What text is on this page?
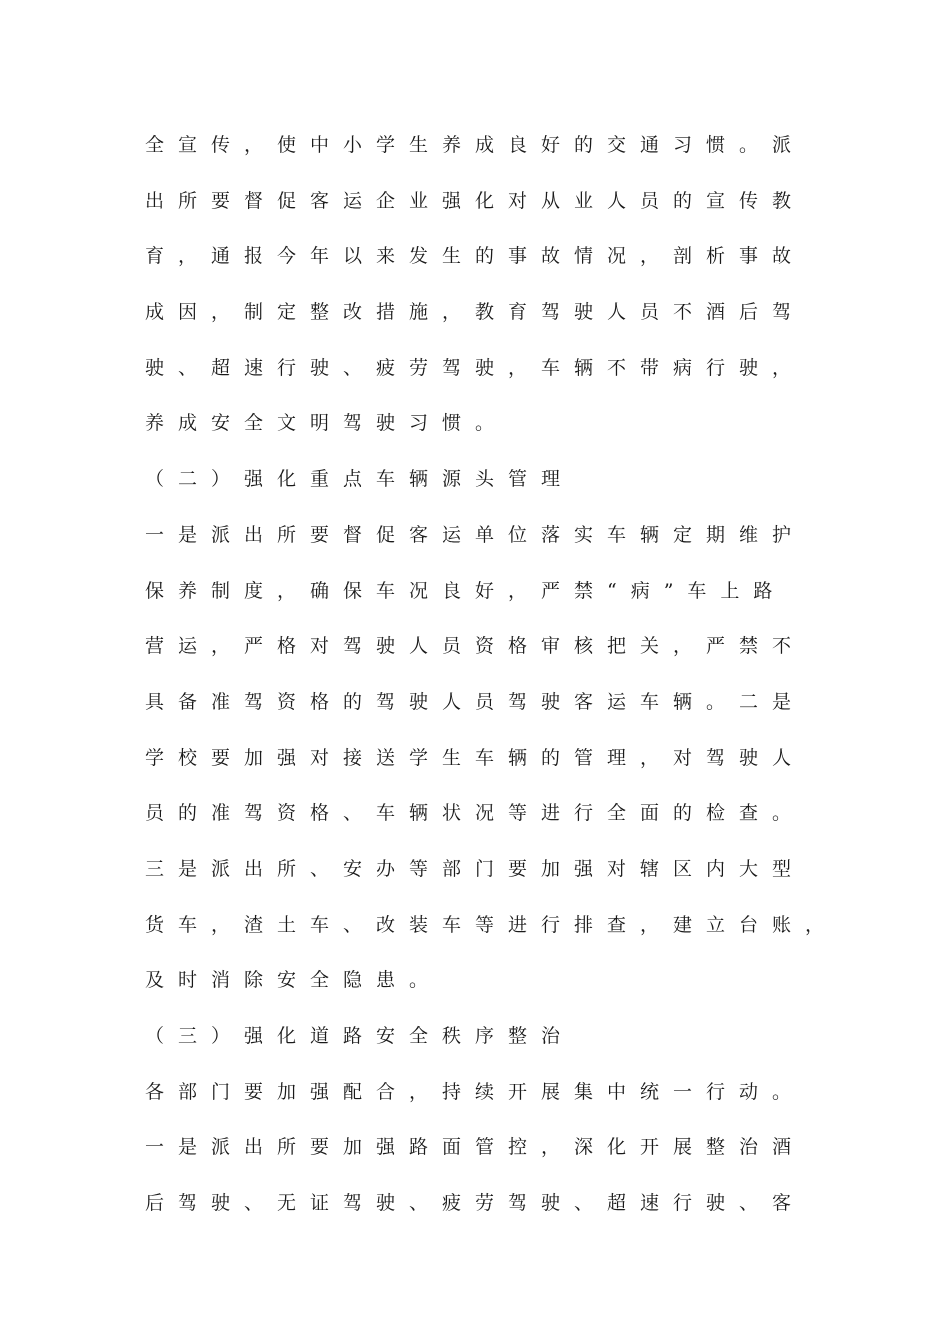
全宣传，使中小学生养成良好的交通习惯。派
出所要督促客运企业强化对从业人员的宣传教
育，通报今年以来发生的事故情况，剖析事故
成因，制定整改措施，教育驾驶人员不酒后驾
驶、超速行驶、疲劳驾驶，车辆不带病行驶，
养成安全文明驾驶习惯。
（二）强化重点车辆源头管理
一是派出所要督促客运单位落实车辆定期维护
保养制度，确保车况良好，严禁“病”车上路
营运，严格对驾驶人员资格审核把关，严禁不
具备准驾资格的驾驶人员驾驶客运车辆。二是
学校要加强对接送学生车辆的管理，对驾驶人
员的准驾资格、车辆状况等进行全面的检查。
三是派出所、安办等部门要加强对辖区内大型
货车，渣土车、改装车等进行排查，建立台账，
及时消除安全隐患。
（三）强化道路安全秩序整治
各部门要加强配合，持续开展集中统一行动。
一是派出所要加强路面管控，深化开展整治酒
后驾驶、无证驾驶、疲劳驾驶、超速行驶、客
